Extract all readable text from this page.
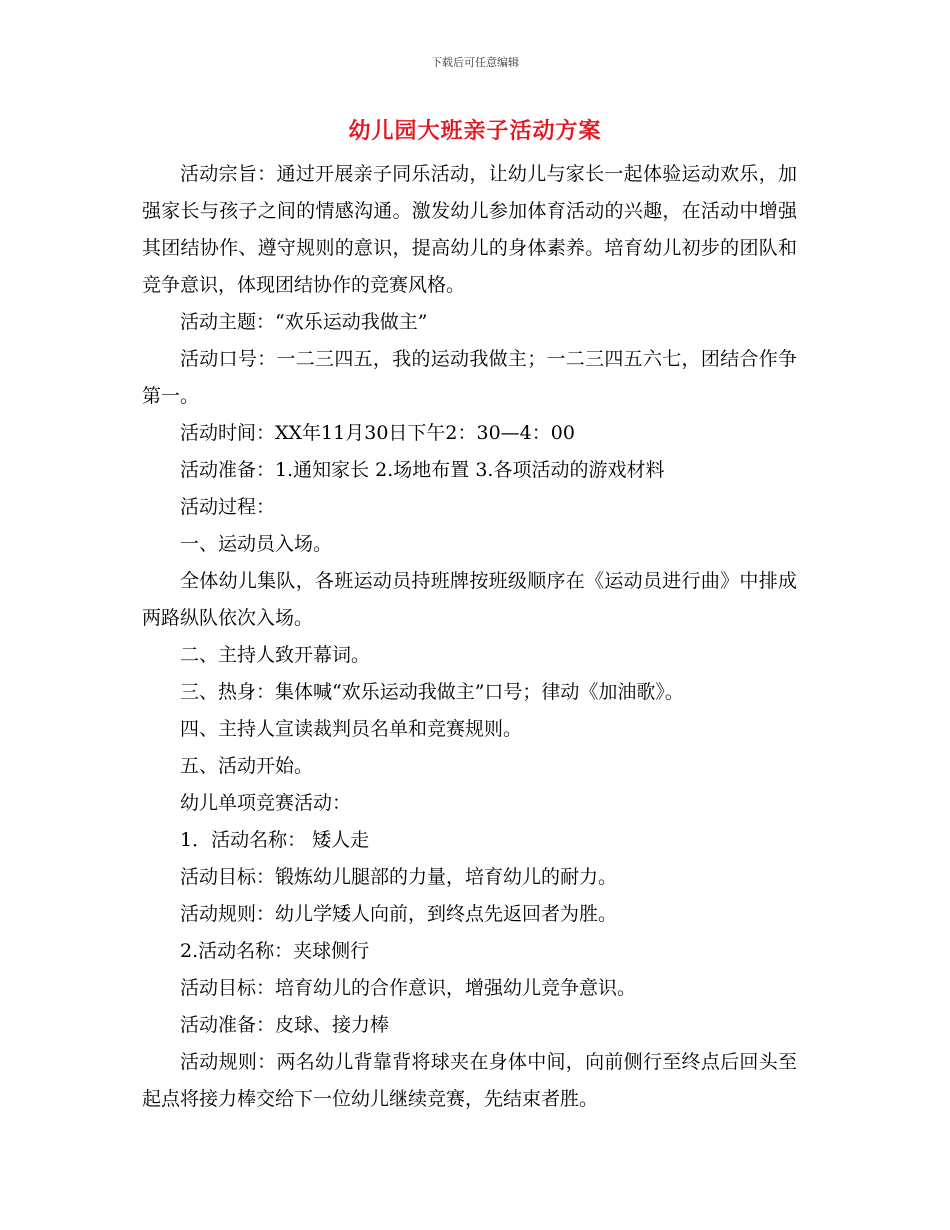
下载后可任意编辑
幼儿园大班亲子活动方案

活动宗旨：通过开展亲子同乐活动，让幼儿与家长一起体验运动欢乐，加强家长与孩子之间的情感沟通。激发幼儿参加体育活动的兴趣，在活动中增强其团结协作、遵守规则的意识，提高幼儿的身体素养。培育幼儿初步的团队和竞争意识，体现团结协作的竞赛风格。

活动主题：“欢乐运动我做主”

活动口号：一二三四五，我的运动我做主；一二三四五六七，团结合作争第一。

活动时间：XX年11月30日下午2：30—4：00

活动准备：1.通知家长 2.场地布置 3.各项活动的游戏材料

活动过程：

一、运动员入场。

全体幼儿集队，各班运动员持班牌按班级顺序在《运动员进行曲》中排成两路纵队依次入场。

二、主持人致开幕词。

三、热身：集体喊“欢乐运动我做主”口号；律动《加油歌》。

四、主持人宣读裁判员名单和竞赛规则。

五、活动开始。

幼儿单项竞赛活动：

1．活动名称： 矮人走

活动目标：锻炼幼儿腿部的力量，培育幼儿的耐力。

活动规则：幼儿学矮人向前，到终点先返回者为胜。

2.活动名称：夹球侧行

活动目标：培育幼儿的合作意识，增强幼儿竞争意识。

活动准备：皮球、接力棒

活动规则：两名幼儿背靠背将球夹在身体中间，向前侧行至终点后回头至起点将接力棒交给下一位幼儿继续竞赛，先结束者胜。
